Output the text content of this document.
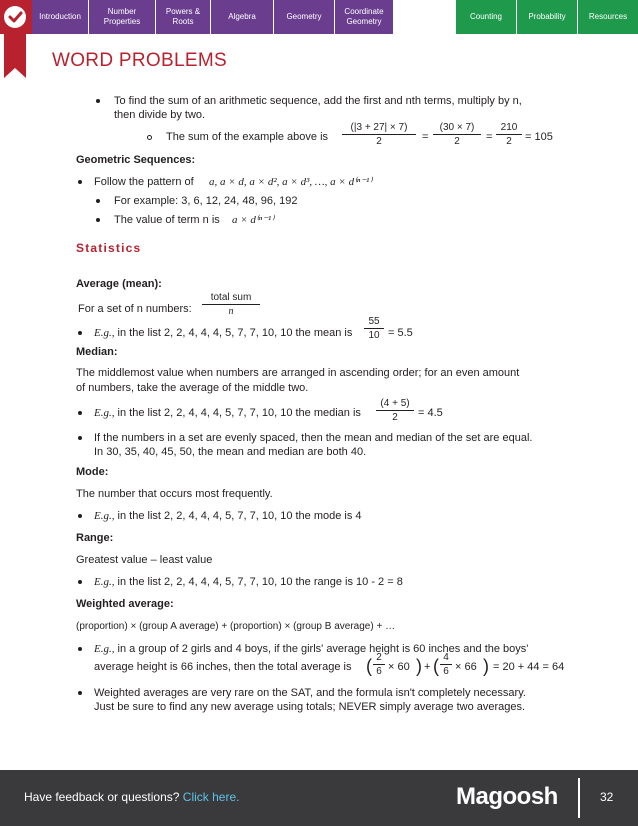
Introduction
Number Properties
Powers & Roots
Algebra	Geometry
Coordinate Geometry
Counting	Probability	Resources
WORD PROBLEMS
To find the sum of an arithmetic sequence, add the first and nth terms, multiply by n,
then divide by two.
The sum of the example above is $\frac{(|3 + 27| \times 7)}{2} = \frac{(30 \times 7)}{2} = \frac{210}{2} = 105$
Geometric Sequences:
Follow the pattern of a, a × d, a × d², a × d³, …, a × d⁽ⁿ⁻¹⁾
For example: 3, 6, 12, 24, 48, 96, 192
The value of term n is a × d⁽ⁿ⁻¹⁾
Statistics
Average (mean):
For a set of n numbers:
total sum
n
E.g., in the list 2, 2, 4, 4, 4, 5, 7, 7, 10, 10 the mean is $\frac{55}{10} = 5.5$
Median:
The middlemost value when numbers are arranged in ascending order; for an even amount
of numbers, take the average of the middle two.
E.g., in the list 2, 2, 4, 4, 4, 5, 7, 7, 10, 10 the median is $\frac{(4 + 5)}{2} = 4.5$
If the numbers in a set are evenly spaced, then the mean and median of the set are equal.
In 30, 35, 40, 45, 50, the mean and median are both 40.
Mode:
The number that occurs most frequently.
E.g., in the list 2, 2, 4, 4, 4, 5, 7, 7, 10, 10 the mode is 4
Range:
Greatest value – least value
E.g., in the list 2, 2, 4, 4, 4, 5, 7, 7, 10, 10 the range is 10 - 2 = 8
Weighted average:
(proportion) × (group A average) + (proportion) × (group B average) + …
E.g., in a group of 2 girls and 4 boys, if the girls' average height is 60 inches and the boys'
average height is 66 inches, then the total average is ( $\frac{2}{6} \times 60$ ) + ( $\frac{4}{6} \times 66$ ) = 20 + 44 = 64
Weighted averages are very rare on the SAT, and the formula isn't completely necessary.
Just be sure to find any new average using totals; NEVER simply average two averages.
Have feedback or questions? Click here.	Magoosh	32
